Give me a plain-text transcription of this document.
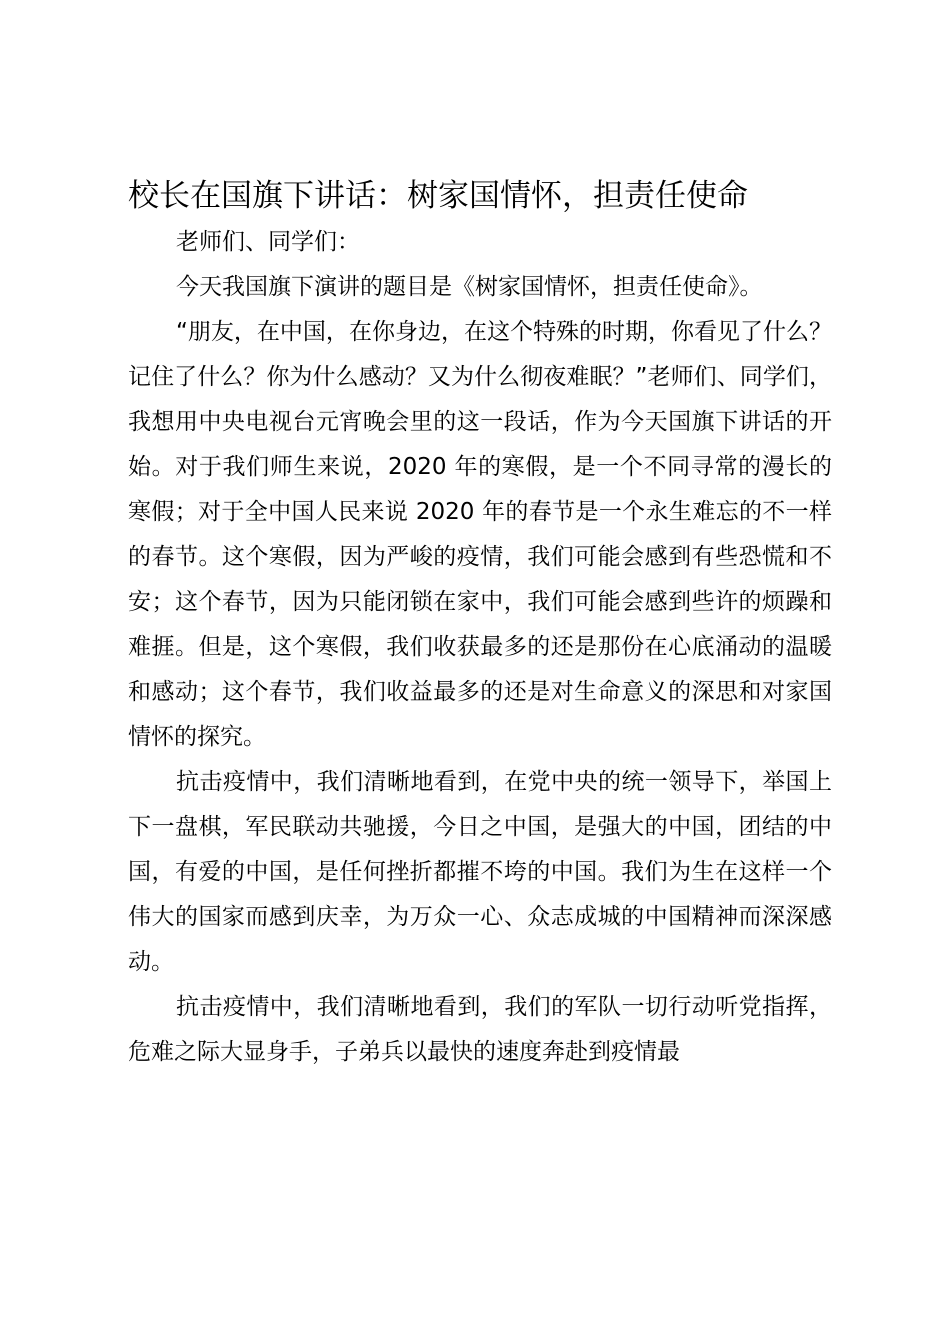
校长在国旗下讲话：树家国情怀，担责任使命

老师们、同学们：

今天我国旗下演讲的题目是《树家国情怀，担责任使命》。

“朋友，在中国，在你身边，在这个特殊的时期，你看见了什么？记住了什么？你为什么感动？又为什么彻夜难眠？”老师们、同学们，我想用中央电视台元宵晚会里的这一段话，作为今天国旗下讲话的开始。对于我们师生来说，2020 年的寒假，是一个不同寻常的漫长的寒假；对于全中国人民来说 2020 年的春节是一个永生难忘的不一样的春节。这个寒假，因为严峻的疫情，我们可能会感到有些恐慌和不安；这个春节，因为只能闭锁在家中，我们可能会感到些许的烦躁和难捱。但是，这个寒假，我们收获最多的还是那份在心底涌动的温暖和感动；这个春节，我们收益最多的还是对生命意义的深思和对家国情怀的探究。

抗击疫情中，我们清晰地看到，在党中央的统一领导下，举国上下一盘棋，军民联动共驰援，今日之中国，是强大的中国，团结的中国，有爱的中国，是任何挫折都摧不垮的中国。我们为生在这样一个伟大的国家而感到庆幸，为万众一心、众志成城的中国精神而深深感动。

抗击疫情中，我们清晰地看到，我们的军队一切行动听党指挥，危难之际大显身手，子弟兵以最快的速度奔赴到疫情最
